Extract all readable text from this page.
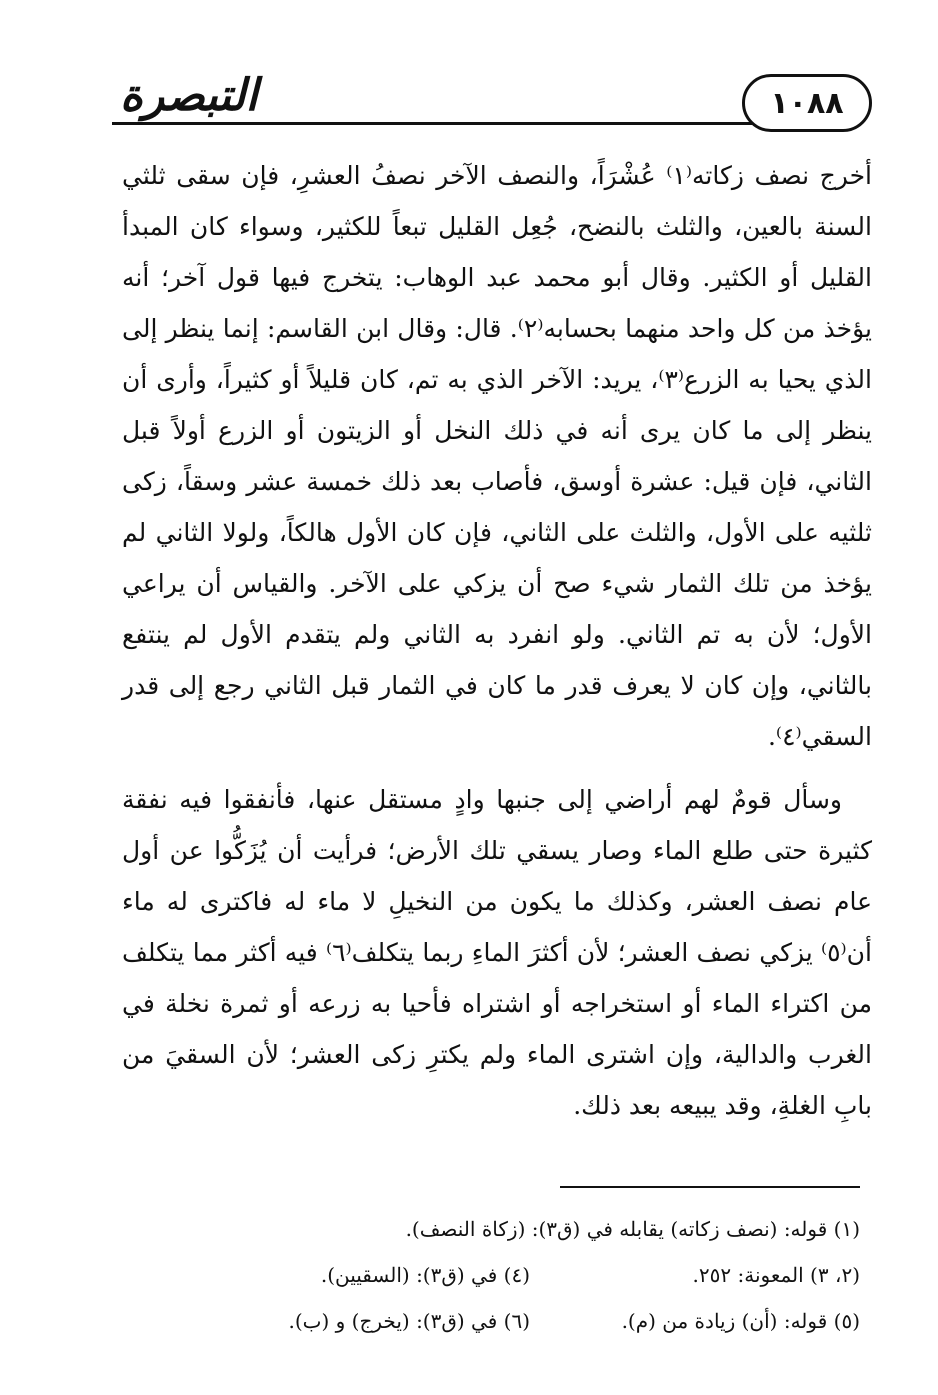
التبصرة	١٠٨٨

أخرج نصف زكاته⁽١⁾ عُشْرَاً، والنصف الآخر نصفُ العشرِ، فإن سقى ثلثي السنة بالعين، والثلث بالنضح، جُعِل القليل تبعاً للكثير، وسواء كان المبدأ القليل أو الكثير. وقال أبو محمد عبد الوهاب: يتخرج فيها قول آخر؛ أنه يؤخذ من كل واحد منهما بحسابه⁽٢⁾. قال: وقال ابن القاسم: إنما ينظر إلى الذي يحيا به الزرع⁽٣⁾، يريد: الآخر الذي به تم، كان قليلاً أو كثيراً، وأرى أن ينظر إلى ما كان يرى أنه في ذلك النخل أو الزيتون أو الزرع أولاً قبل الثاني، فإن قيل: عشرة أوسق، فأصاب بعد ذلك خمسة عشر وسقاً، زكى ثلثيه على الأول، والثلث على الثاني، فإن كان الأول هالكاً، ولولا الثاني لم يؤخذ من تلك الثمار شيء صح أن يزكي على الآخر. والقياس أن يراعي الأول؛ لأن به تم الثاني. ولو انفرد به الثاني ولم يتقدم الأول لم ينتفع بالثاني، وإن كان لا يعرف قدر ما كان في الثمار قبل الثاني رجع إلى قدر السقي⁽٤⁾.

وسأل قومٌ لهم أراضي إلى جنبها وادٍ مستقل عنها، فأنفقوا فيه نفقة كثيرة حتى طلع الماء وصار يسقي تلك الأرض؛ فرأيت أن يُزَكُّوا عن أول عام نصف العشر، وكذلك ما يكون من النخيلِ لا ماء له فاكترى له ماء أن⁽٥⁾ يزكي نصف العشر؛ لأن أكثرَ الماءِ ربما يتكلف⁽٦⁾ فيه أكثر مما يتكلف من اكتراء الماء أو استخراجه أو اشتراه فأحيا به زرعه أو ثمرة نخلة في الغرب والدالية، وإن اشترى الماء ولم يكترِ زكى العشر؛ لأن السقيَ من بابِ الغلةِ، وقد يبيعه بعد ذلك.

(١) قوله: (نصف زكاته) يقابله في (ق٣): (زكاة النصف).
(٢، ٣) المعونة: ٢٥٢.
(٤) في (ق٣): (السقيين).
(٥) قوله: (أن) زيادة من (م).
(٦) في (ق٣): (يخرج) و (ب).
